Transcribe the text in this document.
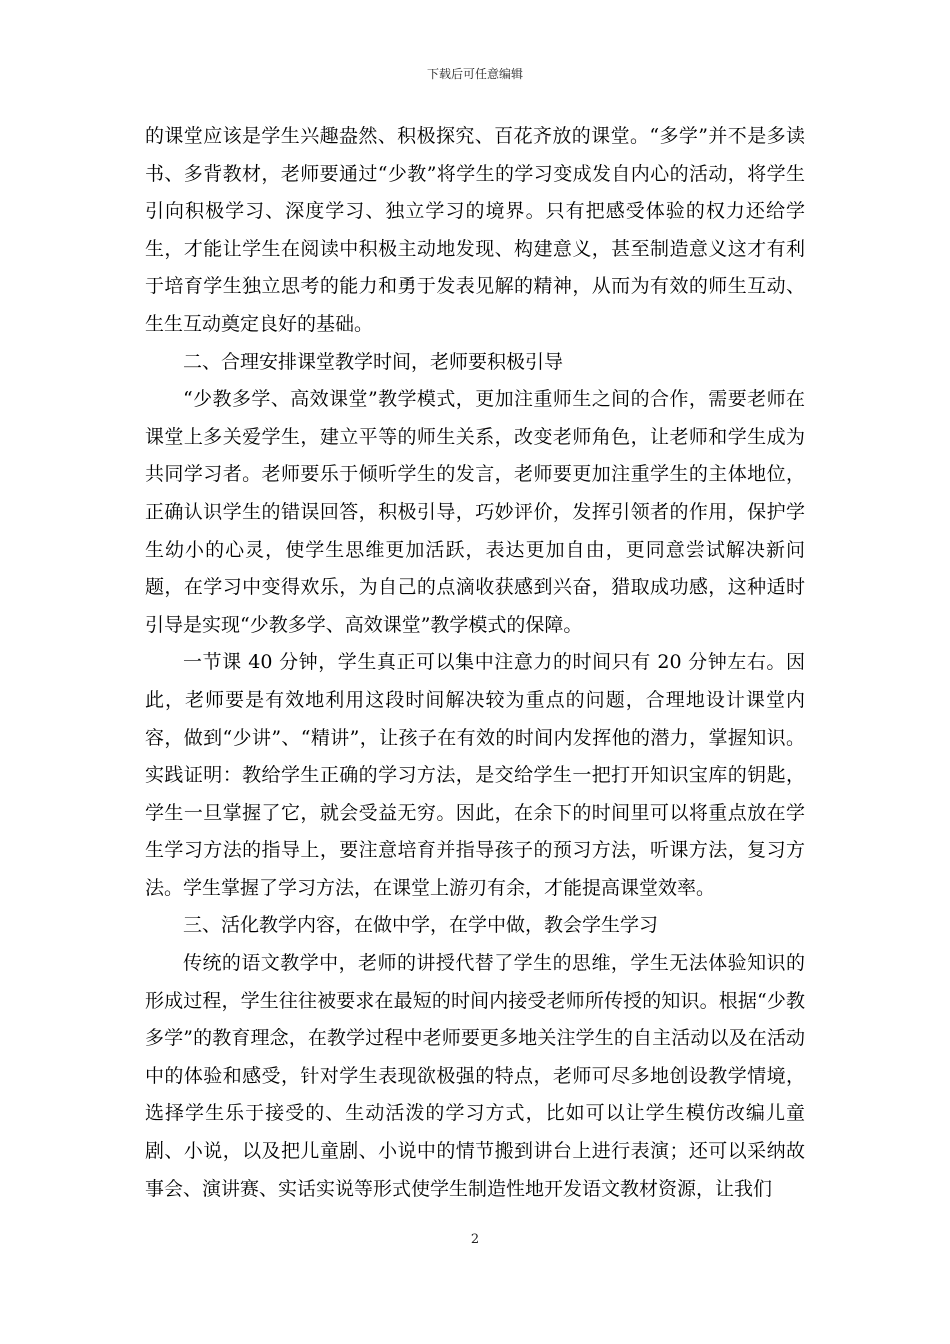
下载后可任意编辑

的课堂应该是学生兴趣盎然、积极探究、百花齐放的课堂。“多学”并不是多读书、多背教材，老师要通过“少教”将学生的学习变成发自内心的活动，将学生引向积极学习、深度学习、独立学习的境界。只有把感受体验的权力还给学生，才能让学生在阅读中积极主动地发现、构建意义，甚至制造意义这才有利于培育学生独立思考的能力和勇于发表见解的精神，从而为有效的师生互动、生生互动奠定良好的基础。

二、合理安排课堂教学时间，老师要积极引导

“少教多学、高效课堂”教学模式，更加注重师生之间的合作，需要老师在课堂上多关爱学生，建立平等的师生关系，改变老师角色，让老师和学生成为共同学习者。老师要乐于倾听学生的发言，老师要更加注重学生的主体地位，正确认识学生的错误回答，积极引导，巧妙评价，发挥引领者的作用，保护学生幼小的心灵，使学生思维更加活跃，表达更加自由，更同意尝试解决新问题，在学习中变得欢乐，为自己的点滴收获感到兴奋，猎取成功感，这种适时引导是实现“少教多学、高效课堂”教学模式的保障。

一节课 40 分钟，学生真正可以集中注意力的时间只有 20 分钟左右。因此，老师要是有效地利用这段时间解决较为重点的问题，合理地设计课堂内容，做到“少讲”、“精讲”，让孩子在有效的时间内发挥他的潜力，掌握知识。实践证明：教给学生正确的学习方法，是交给学生一把打开知识宝库的钥匙，学生一旦掌握了它，就会受益无穷。因此，在余下的时间里可以将重点放在学生学习方法的指导上，要注意培育并指导孩子的预习方法，听课方法，复习方法。学生掌握了学习方法，在课堂上游刃有余，才能提高课堂效率。

三、活化教学内容，在做中学，在学中做，教会学生学习

传统的语文教学中，老师的讲授代替了学生的思维，学生无法体验知识的形成过程，学生往往被要求在最短的时间内接受老师所传授的知识。根据“少教多学”的教育理念，在教学过程中老师要更多地关注学生的自主活动以及在活动中的体验和感受，针对学生表现欲极强的特点，老师可尽多地创设教学情境，选择学生乐于接受的、生动活泼的学习方式，比如可以让学生模仿改编儿童剧、小说，以及把儿童剧、小说中的情节搬到讲台上进行表演；还可以采纳故事会、演讲赛、实话实说等形式使学生制造性地开发语文教材资源，让我们

2
